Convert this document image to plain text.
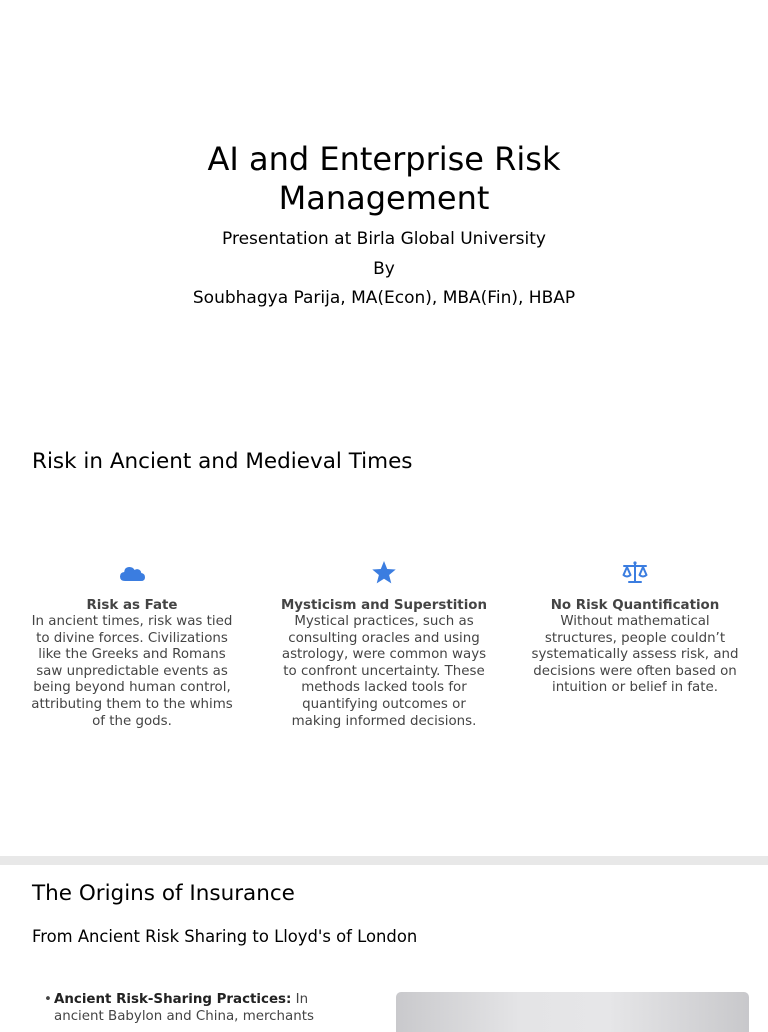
AI and Enterprise Risk
Management
Presentation at Birla Global University
By
Soubhagya Parija, MA(Econ), MBA(Fin), HBAP
Risk in Ancient and Medieval Times
Risk as Fate
In ancient times, risk was tied
to divine forces. Civilizations
like the Greeks and Romans
saw unpredictable events as
being beyond human control,
attributing them to the whims
of the gods.
Mysticism and Superstition
Mystical practices, such as
consulting oracles and using
astrology, were common ways
to confront uncertainty. These
methods lacked tools for
quantifying outcomes or
making informed decisions.
No Risk Quantification
Without mathematical
structures, people couldn’t
systematically assess risk, and
decisions were often based on
intuition or belief in fate.
The Origins of Insurance
From Ancient Risk Sharing to Lloyd's of London
• Ancient Risk-Sharing Practices: In
ancient Babylon and China, merchants
